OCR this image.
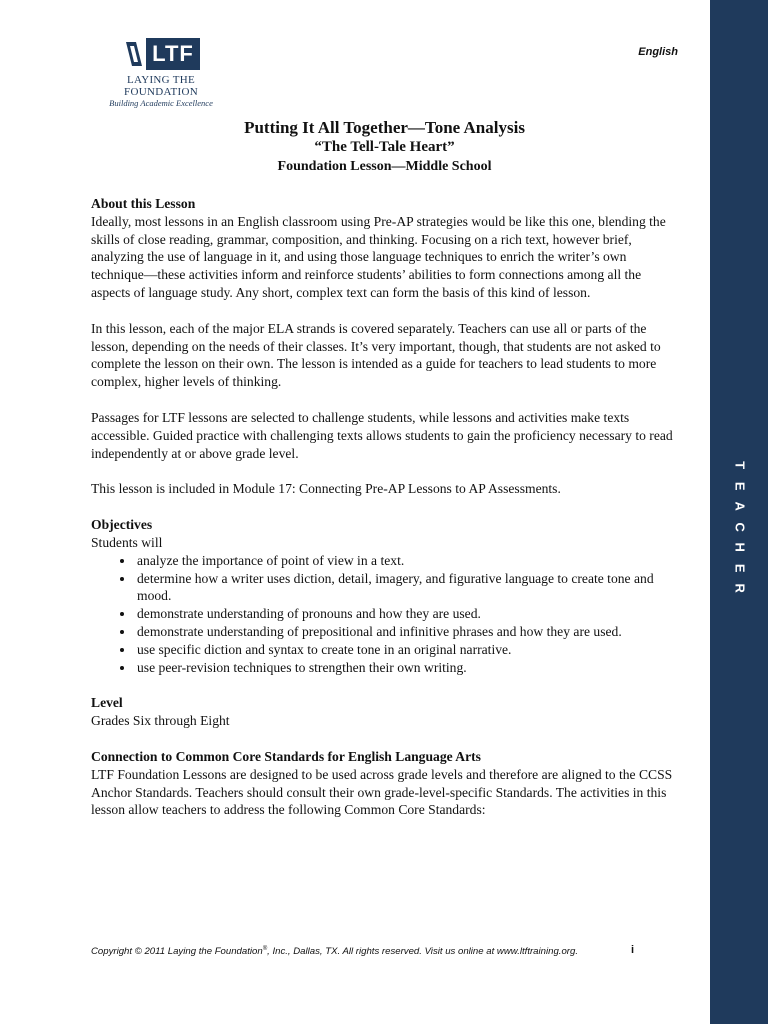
T
E
A
C
H
E
R
LTF
LAYING THE FOUNDATION
Building Academic Excellence
English
Putting It All Together—Tone Analysis
“The Tell-Tale Heart”
Foundation Lesson—Middle School
About this Lesson

Ideally, most lessons in an English classroom using Pre-AP strategies would be like this one, blending the skills of close reading, grammar, composition, and thinking. Focusing on a rich text, however brief, analyzing the use of language in it, and using those language techniques to enrich the writer’s own technique—these activities inform and reinforce students’ abilities to form connections among all the aspects of language study. Any short, complex text can form the basis of this kind of lesson.

In this lesson, each of the major ELA strands is covered separately. Teachers can use all or parts of the lesson, depending on the needs of their classes. It’s very important, though, that students are not asked to complete the lesson on their own. The lesson is intended as a guide for teachers to lead students to more complex, higher levels of thinking.

Passages for LTF lessons are selected to challenge students, while lessons and activities make texts accessible. Guided practice with challenging texts allows students to gain the proficiency necessary to read independently at or above grade level.

This lesson is included in Module 17: Connecting Pre-AP Lessons to AP Assessments.

Objectives

Students will

• analyze the importance of point of view in a text.
• determine how a writer uses diction, detail, imagery, and figurative language to create tone and mood.
• demonstrate understanding of pronouns and how they are used.
• demonstrate understanding of prepositional and infinitive phrases and how they are used.
• use specific diction and syntax to create tone in an original narrative.
• use peer-revision techniques to strengthen their own writing.
Level

Grades Six through Eight

Connection to Common Core Standards for English Language Arts

LTF Foundation Lessons are designed to be used across grade levels and therefore are aligned to the CCSS Anchor Standards. Teachers should consult their own grade-level-specific Standards. The activities in this lesson allow teachers to address the following Common Core Standards:

Copyright © 2011 Laying the Foundation®, Inc., Dallas, TX. All rights reserved. Visit us online at www.ltftraining.org.	i
